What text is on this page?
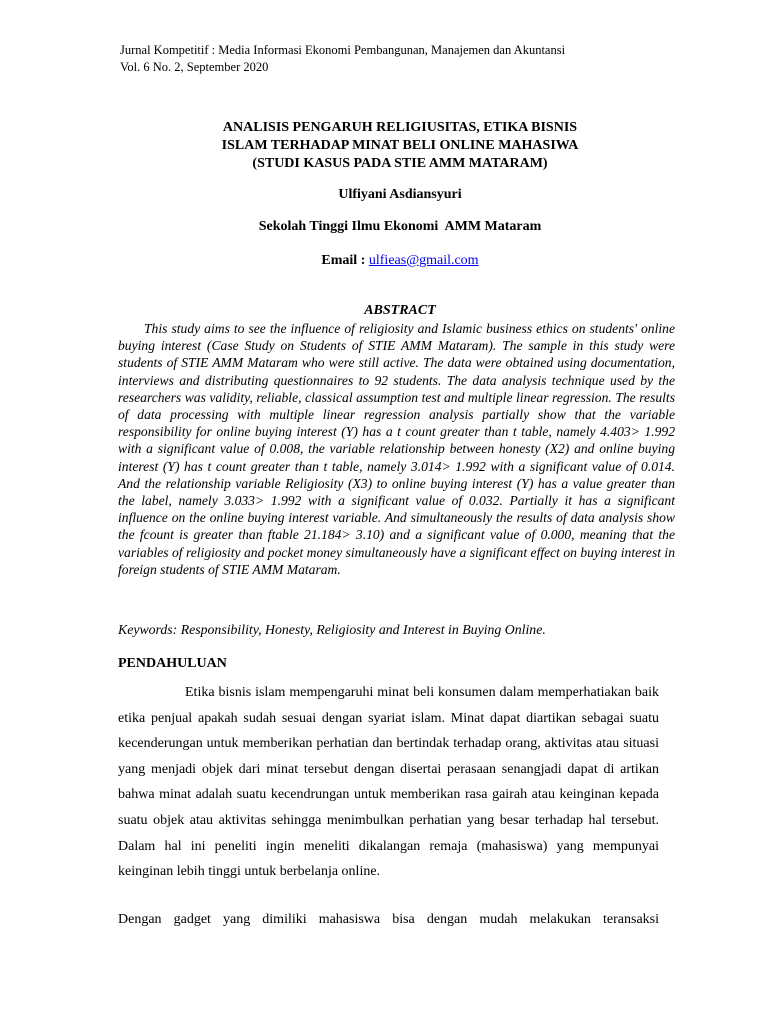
Jurnal Kompetitif : Media Informasi Ekonomi Pembangunan, Manajemen dan Akuntansi
Vol. 6 No. 2, September 2020
ANALISIS PENGARUH RELIGIUSITAS, ETIKA BISNIS
ISLAM TERHADAP MINAT BELI ONLINE MAHASIWA
(STUDI KASUS PADA STIE AMM MATARAM)
Ulfiyani Asdiansyuri
Sekolah Tinggi Ilmu Ekonomi  AMM Mataram
Email : ulfieas@gmail.com
ABSTRACT

This study aims to see the influence of religiosity and Islamic business ethics on students' online buying interest (Case Study on Students of STIE AMM Mataram). The sample in this study were students of STIE AMM Mataram who were still active. The data were obtained using documentation, interviews and distributing questionnaires to 92 students. The data analysis technique used by the researchers was validity, reliable, classical assumption test and multiple linear regression. The results of data processing with multiple linear regression analysis partially show that the variable responsibility for online buying interest (Y) has a t count greater than t table, namely 4.403> 1.992 with a significant value of 0.008, the variable relationship between honesty (X2) and online buying interest (Y) has t count greater than t table, namely 3.014> 1.992 with a significant value of 0.014. And the relationship variable Religiosity (X3) to online buying interest (Y) has a value greater than the label, namely 3.033> 1.992 with a significant value of 0.032. Partially it has a significant influence on the online buying interest variable. And simultaneously the results of data analysis show the fcount is greater than ftable 21.184> 3.10) and a significant value of 0.000, meaning that the variables of religiosity and pocket money simultaneously have a significant effect on buying interest in foreign students of STIE AMM Mataram.

Keywords: Responsibility, Honesty, Religiosity and Interest in Buying Online.
PENDAHULUAN

Etika bisnis islam mempengaruhi minat beli konsumen dalam memperhatiakan baik etika penjual apakah sudah sesuai dengan syariat islam. Minat dapat diartikan sebagai suatu kecenderungan untuk memberikan perhatian dan bertindak terhadap orang, aktivitas atau situasi yang menjadi objek dari minat tersebut dengan disertai perasaan senangjadi dapat di artikan bahwa minat adalah suatu kecendrungan untuk memberikan rasa gairah atau keinginan kepada suatu objek atau aktivitas sehingga menimbulkan perhatian yang besar terhadap hal tersebut. Dalam hal ini peneliti ingin meneliti dikalangan remaja (mahasiswa) yang mempunyai keinginan lebih tinggi untuk berbelanja online.

Dengan gadget yang dimiliki mahasiswa bisa dengan mudah melakukan teransaksi
